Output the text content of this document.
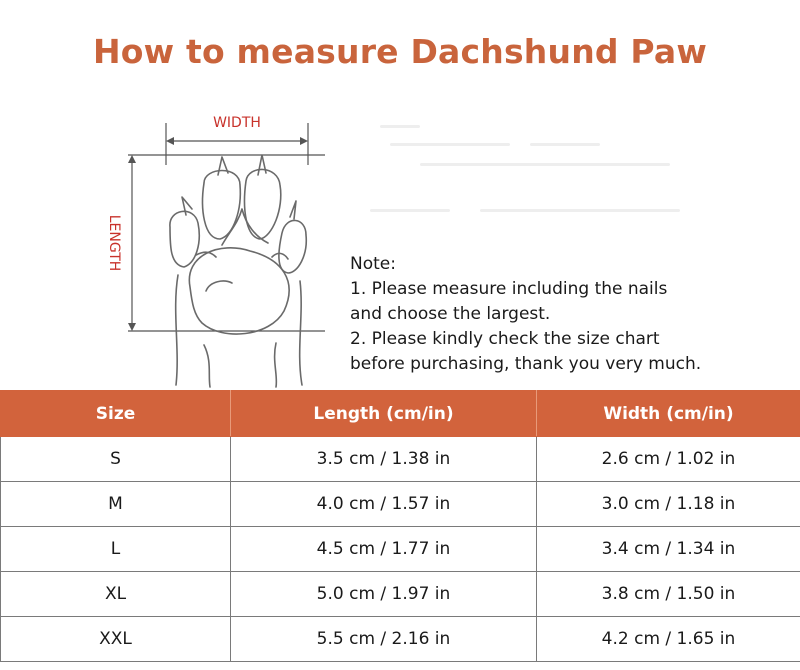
How to measure Dachshund Paw
WIDTH
LENGTH	Note:
1. Please measure including the nails
and choose the largest.
2. Please kindly check the size chart
before purchasing, thank you very much.
Size	Length (cm/in)	Width (cm/in)
S	3.5 cm / 1.38 in	2.6 cm / 1.02 in
M	4.0 cm / 1.57 in	3.0 cm / 1.18 in
L	4.5 cm / 1.77 in	3.4 cm / 1.34 in
XL	5.0 cm / 1.97 in	3.8 cm / 1.50 in
XXL	5.5 cm / 2.16 in	4.2 cm / 1.65 in
